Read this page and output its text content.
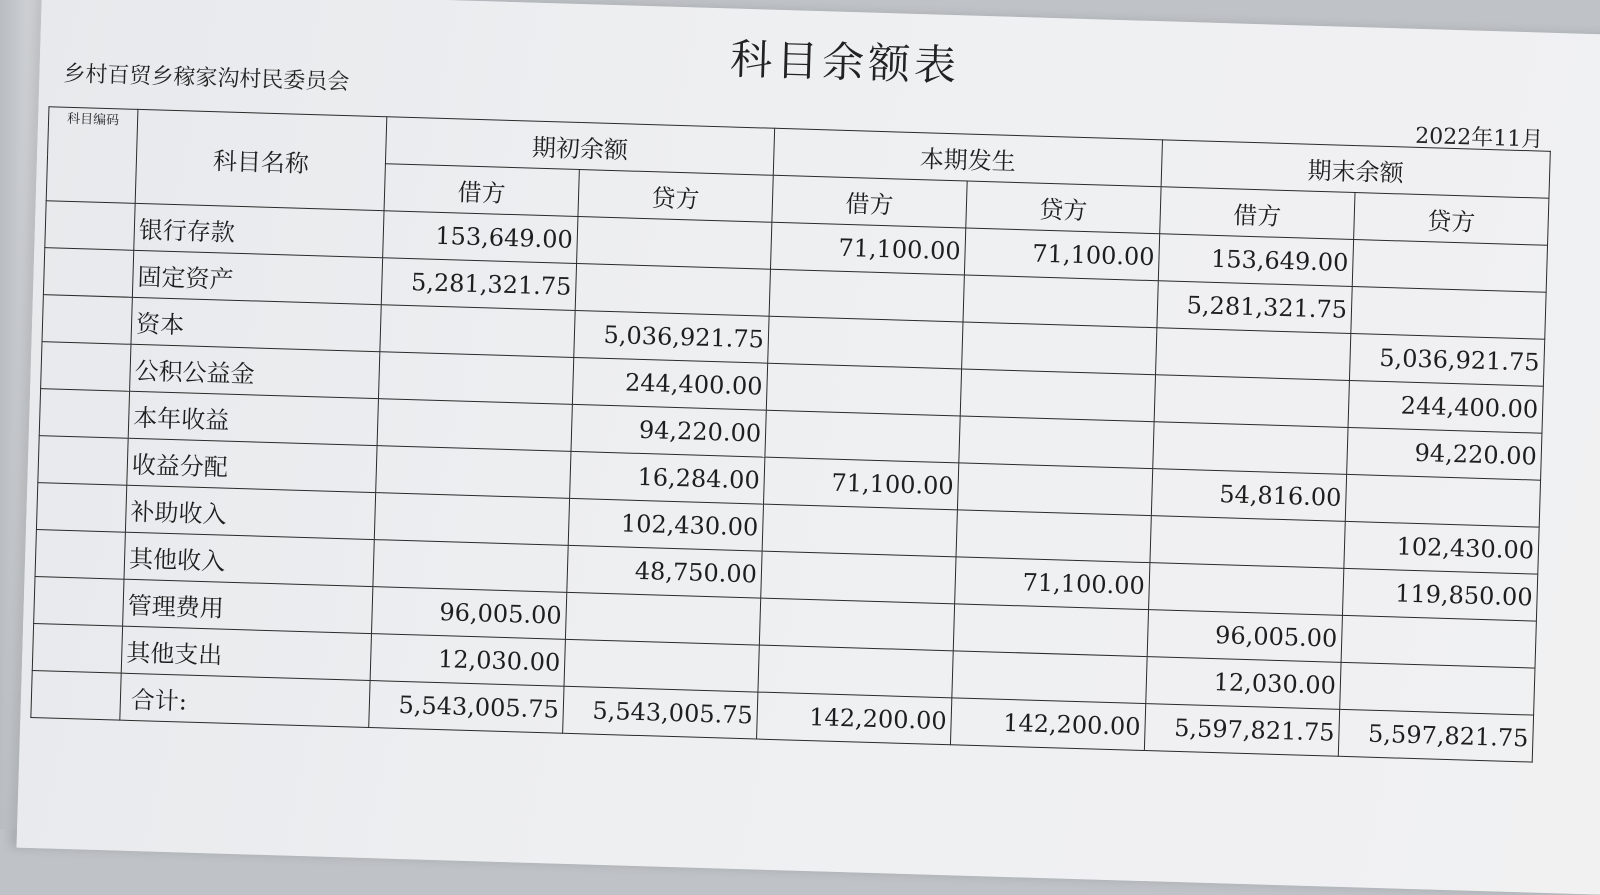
科目余额表
乡村百贸乡稼家沟村民委员会
2022年11月
科目编码	科目名称	期初余额		本期发生		期末余额	
		借方	贷方	借方	贷方	借方	贷方
	银行存款	153,649.00		71,100.00	71,100.00	153,649.00	
	固定资产	5,281,321.75				5,281,321.75	
	资本		5,036,921.75				5,036,921.75
	公积公益金		244,400.00				244,400.00
	本年收益		94,220.00				94,220.00
	收益分配		16,284.00	71,100.00		54,816.00	
	补助收入		102,430.00				102,430.00
	其他收入		48,750.00		71,100.00		119,850.00
	管理费用	96,005.00				96,005.00	
	其他支出	12,030.00				12,030.00	
	合计:	5,543,005.75	5,543,005.75	142,200.00	142,200.00	5,597,821.75	5,597,821.75
